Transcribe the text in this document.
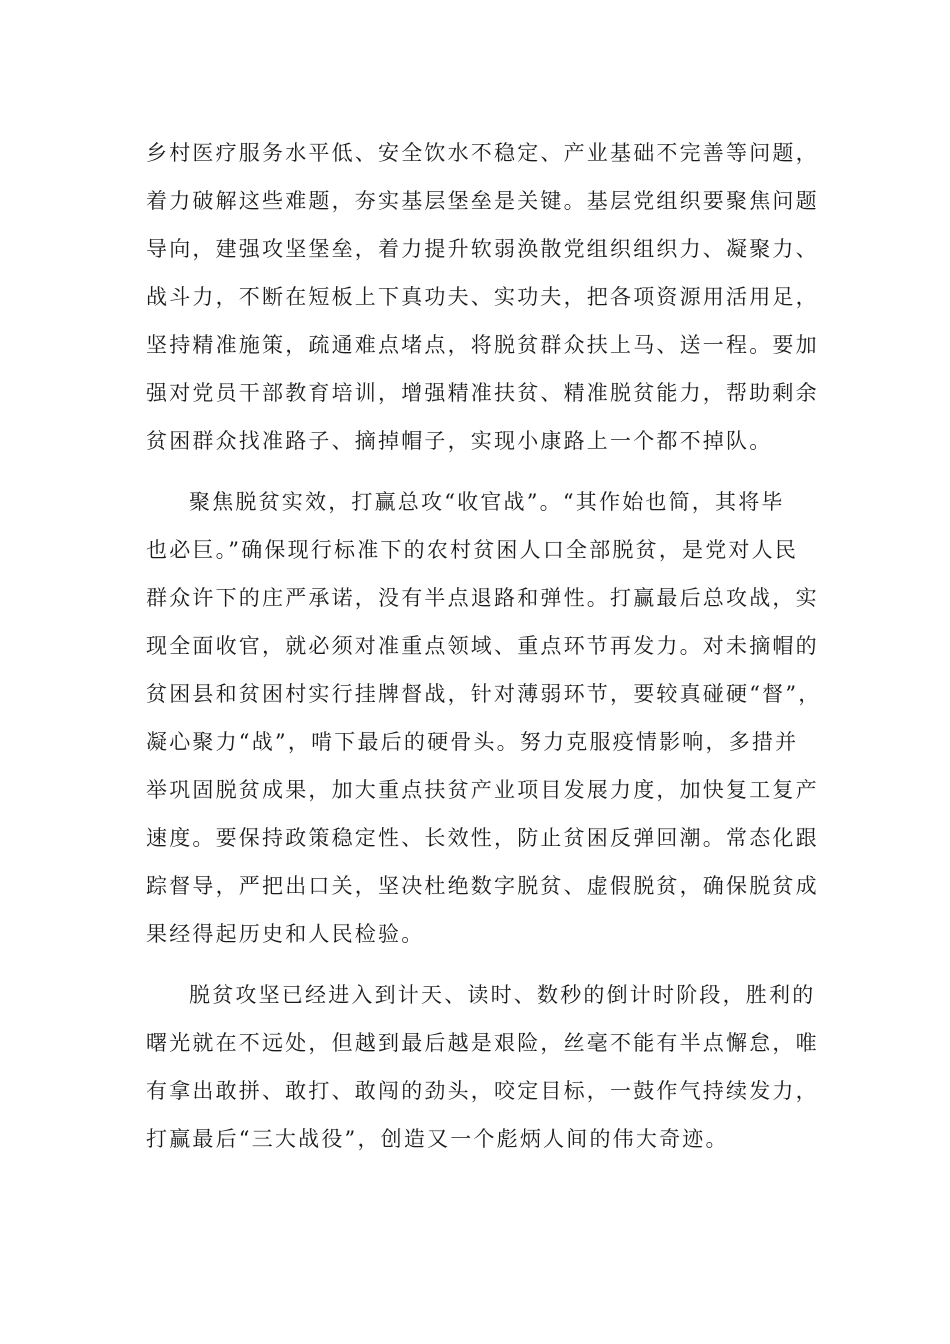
乡村医疗服务水平低、安全饮水不稳定、产业基础不完善等问题，
着力破解这些难题，夯实基层堡垒是关键。基层党组织要聚焦问题
导向，建强攻坚堡垒，着力提升软弱涣散党组织组织力、凝聚力、
战斗力，不断在短板上下真功夫、实功夫，把各项资源用活用足，
坚持精准施策，疏通难点堵点，将脱贫群众扶上马、送一程。要加
强对党员干部教育培训，增强精准扶贫、精准脱贫能力，帮助剩余
贫困群众找准路子、摘掉帽子，实现小康路上一个都不掉队。
聚焦脱贫实效，打赢总攻“收官战”。“其作始也简，其将毕
也必巨。”确保现行标准下的农村贫困人口全部脱贫，是党对人民
群众许下的庄严承诺，没有半点退路和弹性。打赢最后总攻战，实
现全面收官，就必须对准重点领域、重点环节再发力。对未摘帽的
贫困县和贫困村实行挂牌督战，针对薄弱环节，要较真碰硬“督”，
凝心聚力“战”，啃下最后的硬骨头。努力克服疫情影响，多措并
举巩固脱贫成果，加大重点扶贫产业项目发展力度，加快复工复产
速度。要保持政策稳定性、长效性，防止贫困反弹回潮。常态化跟
踪督导，严把出口关，坚决杜绝数字脱贫、虚假脱贫，确保脱贫成
果经得起历史和人民检验。
脱贫攻坚已经进入到计天、读时、数秒的倒计时阶段，胜利的
曙光就在不远处，但越到最后越是艰险，丝毫不能有半点懈怠，唯
有拿出敢拼、敢打、敢闯的劲头，咬定目标，一鼓作气持续发力，
打赢最后“三大战役”，创造又一个彪炳人间的伟大奇迹。
